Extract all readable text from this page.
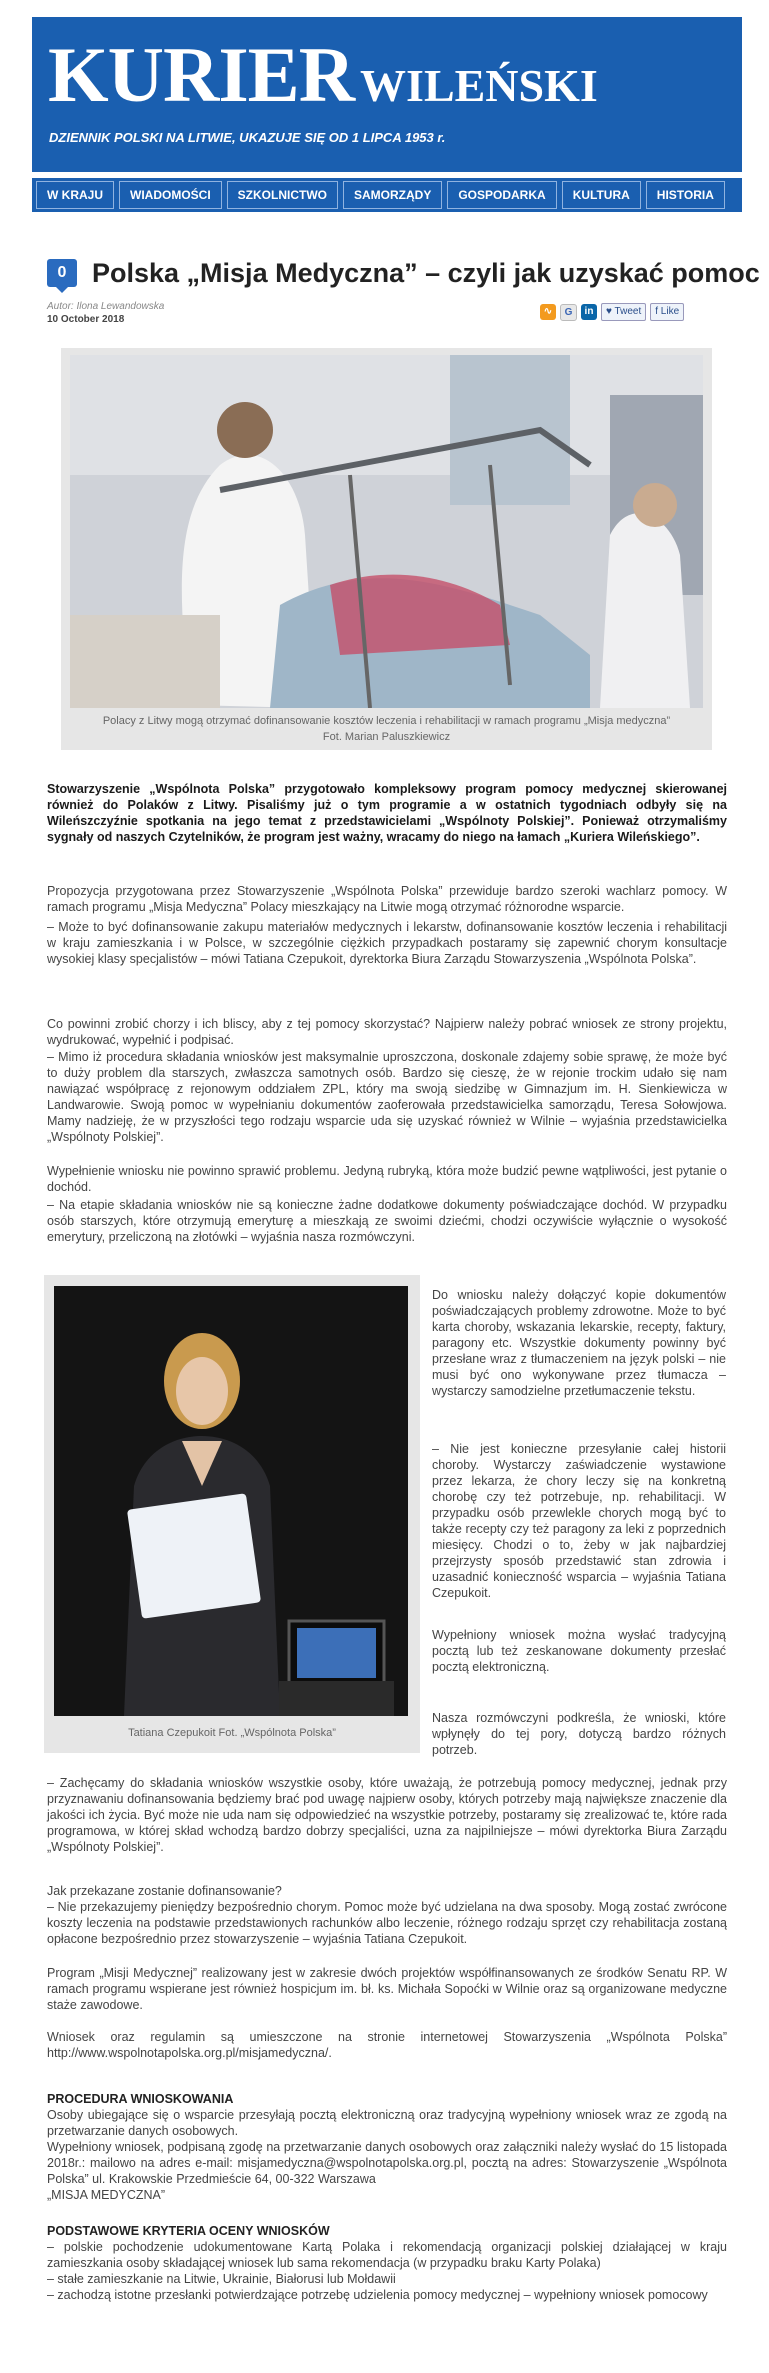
KURIER WILEŃSKI
DZIENNIK POLSKI NA LITWIE, UKAZUJE SIĘ OD 1 LIPCA 1953 r.
W KRAJU	WIADOMOŚCI	SZKOLNICTWO	SAMORZĄDY	GOSPODARKA	KULTURA	HISTORIA
0 Polska „Misja Medyczna” – czyli jak uzyskać pomoc
Autor: Ilona Lewandowska
10 October 2018
∿	G	in	♥ Tweet	f Like
Polacy z Litwy mogą otrzymać dofinansowanie kosztów leczenia i rehabilitacji w ramach programu „Misja medyczna”
Fot. Marian Paluszkiewicz

Stowarzyszenie „Wspólnota Polska” przygotowało kompleksowy program pomocy medycznej skierowanej również do Polaków z Litwy. Pisaliśmy już o tym programie a w ostatnich tygodniach odbyły się na Wileńszczyźnie spotkania na jego temat z przedstawicielami „Wspólnoty Polskiej”. Ponieważ otrzymaliśmy sygnały od naszych Czytelników, że program jest ważny, wracamy do niego na łamach „Kuriera Wileńskiego”.

Propozycja przygotowana przez Stowarzyszenie „Wspólnota Polska” przewiduje bardzo szeroki wachlarz pomocy. W ramach programu „Misja Medyczna” Polacy mieszkający na Litwie mogą otrzymać różnorodne wsparcie.

– Może to być dofinansowanie zakupu materiałów medycznych i lekarstw, dofinansowanie kosztów leczenia i rehabilitacji w kraju zamieszkania i w Polsce, w szczególnie ciężkich przypadkach postaramy się zapewnić chorym konsultacje wysokiej klasy specjalistów – mówi Tatiana Czepukoit, dyrektorka Biura Zarządu Stowarzyszenia „Wspólnota Polska”.

Co powinni zrobić chorzy i ich bliscy, aby z tej pomocy skorzystać? Najpierw należy pobrać wniosek ze strony projektu, wydrukować, wypełnić i podpisać.

– Mimo iż procedura składania wniosków jest maksymalnie uproszczona, doskonale zdajemy sobie sprawę, że może być to duży problem dla starszych, zwłaszcza samotnych osób. Bardzo się cieszę, że w rejonie trockim udało się nam nawiązać współpracę z rejonowym oddziałem ZPL, który ma swoją siedzibę w Gimnazjum im. H. Sienkiewicza w Landwarowie. Swoją pomoc w wypełnianiu dokumentów zaoferowała przedstawicielka samorządu, Teresa Sołowjowa. Mamy nadzieję, że w przyszłości tego rodzaju wsparcie uda się uzyskać również w Wilnie – wyjaśnia przedstawicielka „Wspólnoty Polskiej”.

Wypełnienie wniosku nie powinno sprawić problemu. Jedyną rubryką, która może budzić pewne wątpliwości, jest pytanie o dochód.

– Na etapie składania wniosków nie są konieczne żadne dodatkowe dokumenty poświadczające dochód. W przypadku osób starszych, które otrzymują emeryturę a mieszkają ze swoimi dziećmi, chodzi oczywiście wyłącznie o wysokość emerytury, przeliczoną na złotówki – wyjaśnia nasza rozmówczyni.

Tatiana Czepukoit Fot. „Wspólnota Polska”

Do wniosku należy dołączyć kopie dokumentów poświadczających problemy zdrowotne. Może to być karta choroby, wskazania lekarskie, recepty, faktury, paragony etc. Wszystkie dokumenty powinny być przesłane wraz z tłumaczeniem na język polski – nie musi być ono wykonywane przez tłumacza – wystarczy samodzielne przetłumaczenie tekstu.

– Nie jest konieczne przesyłanie całej historii choroby. Wystarczy zaświadczenie wystawione przez lekarza, że chory leczy się na konkretną chorobę czy też potrzebuje, np. rehabilitacji. W przypadku osób przewlekle chorych mogą być to także recepty czy też paragony za leki z poprzednich miesięcy. Chodzi o to, żeby w jak najbardziej przejrzysty sposób przedstawić stan zdrowia i uzasadnić konieczność wsparcia – wyjaśnia Tatiana Czepukoit.

Wypełniony wniosek można wysłać tradycyjną pocztą lub też zeskanowane dokumenty przesłać pocztą elektroniczną.

Nasza rozmówczyni podkreśla, że wnioski, które wpłynęły do tej pory, dotyczą bardzo różnych potrzeb.

– Zachęcamy do składania wniosków wszystkie osoby, które uważają, że potrzebują pomocy medycznej, jednak przy przyznawaniu dofinansowania będziemy brać pod uwagę najpierw osoby, których potrzeby mają największe znaczenie dla jakości ich życia. Być może nie uda nam się odpowiedzieć na wszystkie potrzeby, postaramy się zrealizować te, które rada programowa, w której skład wchodzą bardzo dobrzy specjaliści, uzna za najpilniejsze – mówi dyrektorka Biura Zarządu „Wspólnoty Polskiej”.

Jak przekazane zostanie dofinansowanie?

– Nie przekazujemy pieniędzy bezpośrednio chorym. Pomoc może być udzielana na dwa sposoby. Mogą zostać zwrócone koszty leczenia na podstawie przedstawionych rachunków albo leczenie, różnego rodzaju sprzęt czy rehabilitacja zostaną opłacone bezpośrednio przez stowarzyszenie – wyjaśnia Tatiana Czepukoit.

Program „Misji Medycznej” realizowany jest w zakresie dwóch projektów współfinansowanych ze środków Senatu RP. W ramach programu wspierane jest również hospicjum im. bł. ks. Michała Sopoćki w Wilnie oraz są organizowane medyczne staże zawodowe.

Wniosek oraz regulamin są umieszczone na stronie internetowej Stowarzyszenia „Wspólnota Polska” http://www.wspolnotapolska.org.pl/misjamedyczna/.

PROCEDURA WNIOSKOWANIA

Osoby ubiegające się o wsparcie przesyłają pocztą elektroniczną oraz tradycyjną wypełniony wniosek wraz ze zgodą na przetwarzanie danych osobowych.

Wypełniony wniosek, podpisaną zgodę na przetwarzanie danych osobowych oraz załączniki należy wysłać do 15 listopada 2018r.: mailowo na adres e-mail: misjamedyczna@wspolnotapolska.org.pl, pocztą na adres: Stowarzyszenie „Wspólnota Polska” ul. Krakowskie Przedmieście 64, 00-322 Warszawa

„MISJA MEDYCZNA”

PODSTAWOWE KRYTERIA OCENY WNIOSKÓW

– polskie pochodzenie udokumentowane Kartą Polaka i rekomendacją organizacji polskiej działającej w kraju zamieszkania osoby składającej wniosek lub sama rekomendacja (w przypadku braku Karty Polaka)

– stałe zamieszkanie na Litwie, Ukrainie, Białorusi lub Mołdawii

– zachodzą istotne przesłanki potwierdzające potrzebę udzielenia pomocy medycznej – wypełniony wniosek pomocowy
